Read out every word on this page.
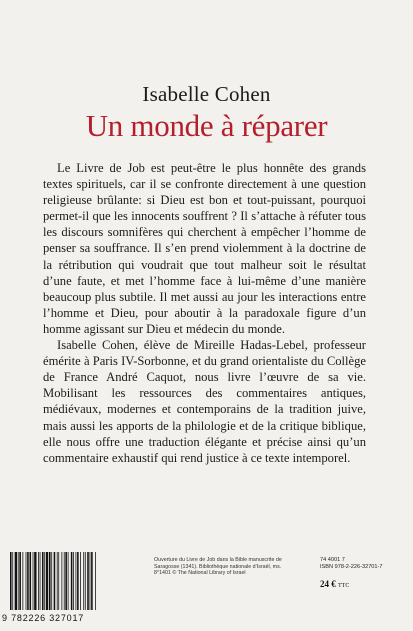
Isabelle Cohen
Un monde à réparer

Le Livre de Job est peut-être le plus honnête des grands textes spirituels, car il se confronte directement à une question religieuse brûlante: si Dieu est bon et tout-puissant, pourquoi permet-il que les innocents souffrent ? Il s’attache à réfuter tous les discours somnifères qui cherchent à empêcher l’homme de penser sa souffrance. Il s’en prend violemment à la doctrine de la rétribution qui voudrait que tout malheur soit le résultat d’une faute, et met l’homme face à lui-même d’une manière beaucoup plus subtile. Il met aussi au jour les interactions entre l’homme et Dieu, pour aboutir à la paradoxale figure d’un homme agissant sur Dieu et médecin du monde.

Isabelle Cohen, élève de Mireille Hadas-Lebel, professeur émérite à Paris IV-Sorbonne, et du grand orientaliste du Collège de France André Caquot, nous livre l’œuvre de sa vie. Mobilisant les ressources des commentaires antiques, médiévaux, modernes et contemporains de la tradition juive, mais aussi les apports de la philologie et de la critique biblique, elle nous offre une traduction élégante et précise ainsi qu’un commentaire exhaustif qui rend justice à ce texte intemporel.

9 782226 327017
Ouverture du Livre de Job dans la Bible manuscrite de Saragosse (1341). Bibliothèque nationale d’Israël, ms. 8°1401 © The National Library of Israel
74 4001 7
ISBN 978-2-226-32701-7
24 € TTC
